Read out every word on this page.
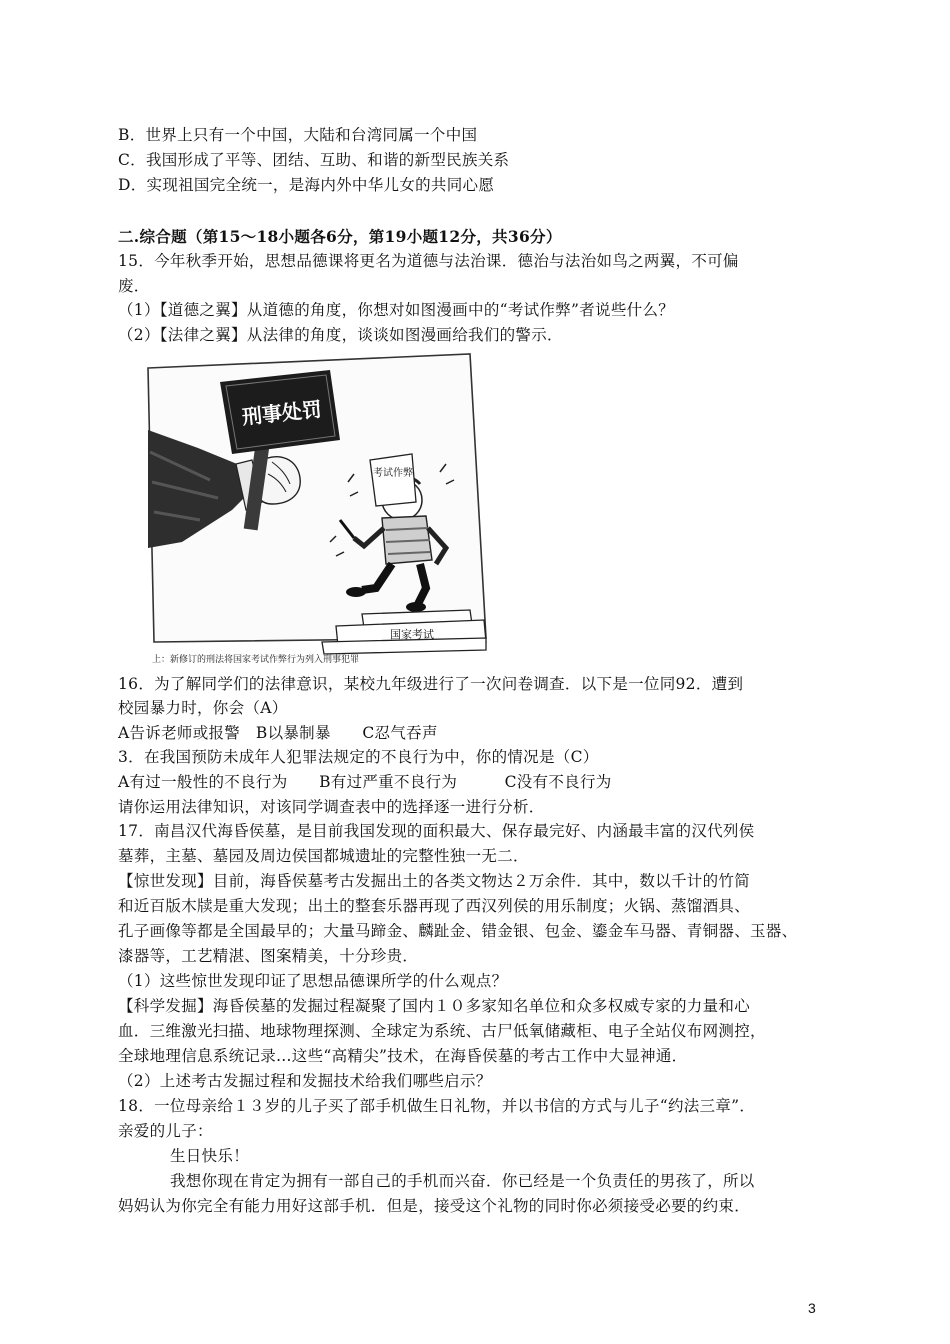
B．世界上只有一个中国，大陆和台湾同属一个中国
C．我国形成了平等、团结、互助、和谐的新型民族关系
D．实现祖国完全统一，是海内外中华儿女的共同心愿
二.综合题（第15～18小题各6分，第19小题12分，共36分）
15．今年秋季开始，思想品德课将更名为道德与法治课．德治与法治如鸟之两翼，不可偏
废．
（1）【道德之翼】从道德的角度，你想对如图漫画中的“考试作弊”者说些什么？
（2）【法律之翼】从法律的角度，谈谈如图漫画给我们的警示．
刑事处罚
考试作弊
国家考试
上：新修订的刑法将国家考试作弊行为列入刑事犯罪
16．为了解同学们的法律意识，某校九年级进行了一次问卷调查．以下是一位同92．遭到
校园暴力时，你会（A）
A告诉老师或报警　B以暴制暴　　C忍气吞声
3．在我国预防未成年人犯罪法规定的不良行为中，你的情况是（C）
A有过一般性的不良行为　　B有过严重不良行为　　　C没有不良行为
请你运用法律知识，对该同学调查表中的选择逐一进行分析．
17．南昌汉代海昏侯墓，是目前我国发现的面积最大、保存最完好、内涵最丰富的汉代列侯
墓葬，主墓、墓园及周边侯国都城遗址的完整性独一无二．
【惊世发现】目前，海昏侯墓考古发掘出土的各类文物达２万余件．其中，数以千计的竹简
和近百版木牍是重大发现；出土的整套乐器再现了西汉列侯的用乐制度；火锅、蒸馏酒具、
孔子画像等都是全国最早的；大量马蹄金、麟趾金、错金银、包金、鎏金车马器、青铜器、玉器、
漆器等，工艺精湛、图案精美，十分珍贵．
（1）这些惊世发现印证了思想品德课所学的什么观点？
【科学发掘】海昏侯墓的发掘过程凝聚了国内１０多家知名单位和众多权威专家的力量和心
血．三维激光扫描、地球物理探测、全球定为系统、古尸低氧储藏柜、电子全站仪布网测控，
全球地理信息系统记录…这些“高精尖”技术，在海昏侯墓的考古工作中大显神通．
（2）上述考古发掘过程和发掘技术给我们哪些启示？
18．一位母亲给１３岁的儿子买了部手机做生日礼物，并以书信的方式与儿子“约法三章”．
亲爱的儿子：
生日快乐！
我想你现在肯定为拥有一部自己的手机而兴奋．你已经是一个负责任的男孩了，所以
妈妈认为你完全有能力用好这部手机．但是，接受这个礼物的同时你必须接受必要的约束．
3
